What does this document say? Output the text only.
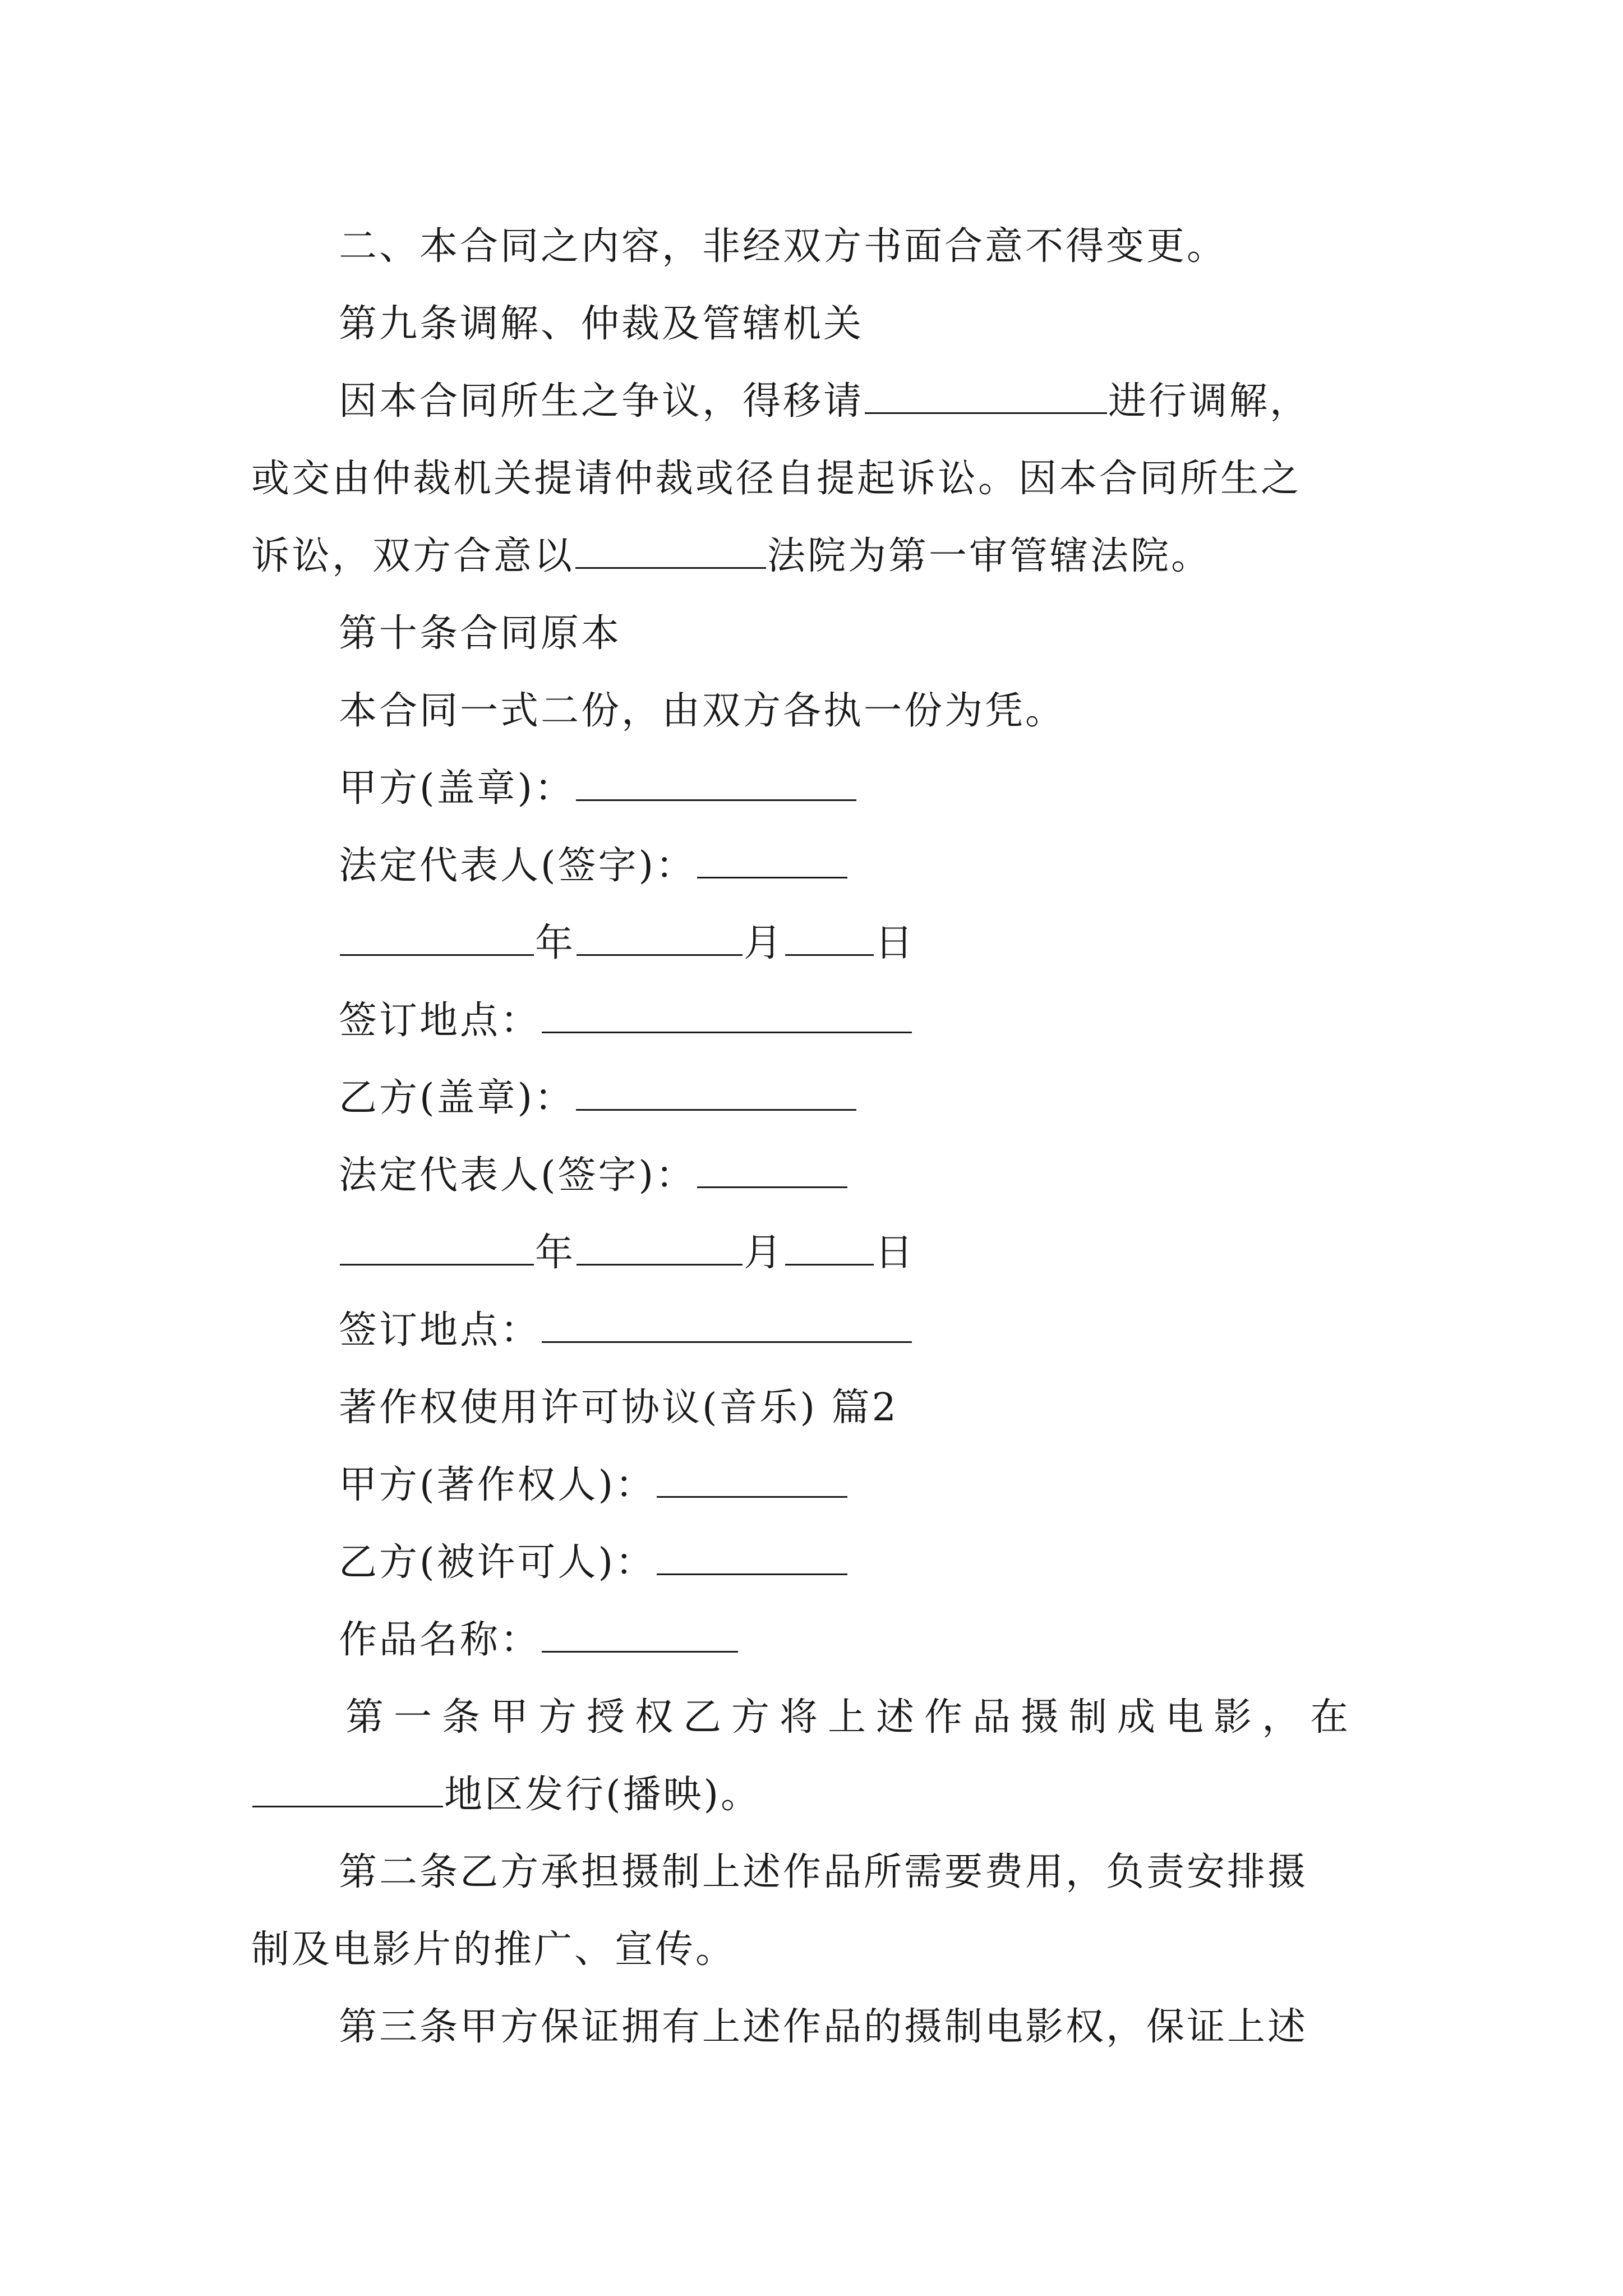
二、本合同之内容，非经双方书面合意不得变更。
第九条调解、仲裁及管辖机关
因本合同所生之争议，得移请	进行调解，
或交由仲裁机关提请仲裁或径自提起诉讼。因本合同所生之
诉讼，双方合意以	法院为第一审管辖法院。
第十条合同原本
本合同一式二份，由双方各执一份为凭。
甲方(盖章)：
法定代表人(签字)：
年	月 日
签订地点：
乙方(盖章)：
法定代表人(签字)：
年	月 日
签订地点：
著作权使用许可协议(音乐) 篇2
甲方(著作权人)：
乙方(被许可人)：
作品名称：
第一条甲方授权乙方将上述作品摄制成电影，在
地区发行(播映)。
第二条乙方承担摄制上述作品所需要费用，负责安排摄
制及电影片的推广、宣传。
第三条甲方保证拥有上述作品的摄制电影权，保证上述
